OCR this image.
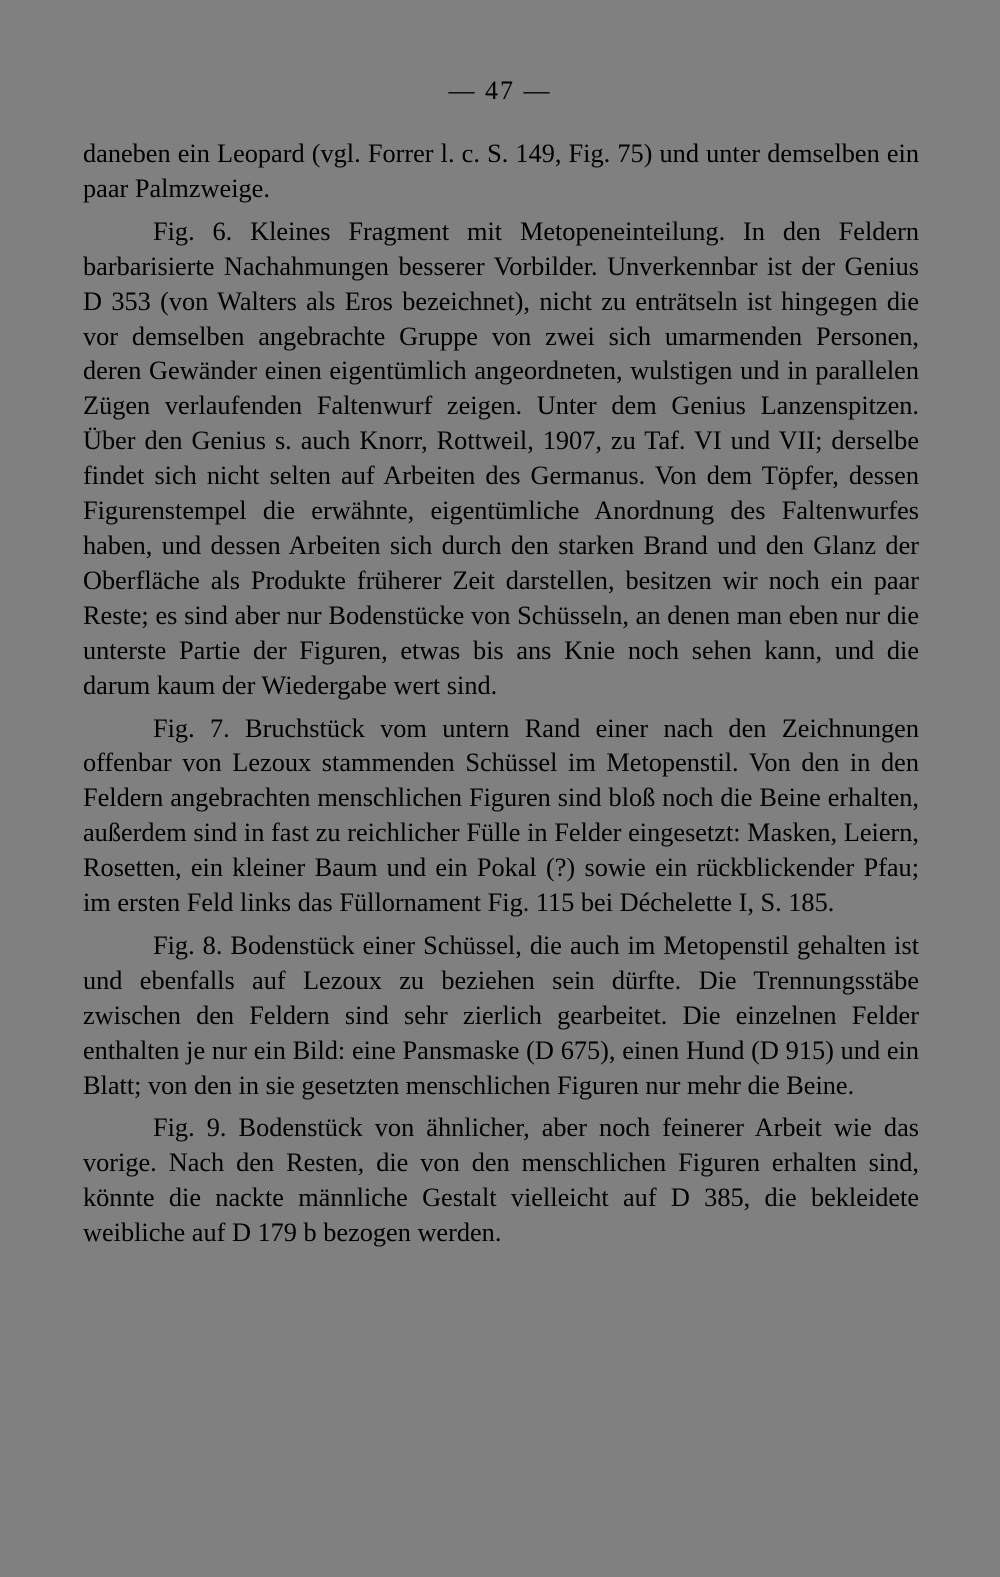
— 47 —

daneben ein Leopard (vgl. Forrer l. c. S. 149, Fig. 75) und unter demselben ein paar Palmzweige.

Fig. 6. Kleines Fragment mit Metopeneinteilung. In den Feldern barbarisierte Nachahmungen besserer Vorbilder. Unverkennbar ist der Genius D 353 (von Walters als Eros bezeichnet), nicht zu enträtseln ist hingegen die vor demselben angebrachte Gruppe von zwei sich umarmenden Personen, deren Gewänder einen eigentümlich angeordneten, wulstigen und in parallelen Zügen verlaufenden Faltenwurf zeigen. Unter dem Genius Lanzenspitzen. Über den Genius s. auch Knorr, Rottweil, 1907, zu Taf. VI und VII; derselbe findet sich nicht selten auf Arbeiten des Germanus. Von dem Töpfer, dessen Figurenstempel die erwähnte, eigentümliche Anordnung des Faltenwurfes haben, und dessen Arbeiten sich durch den starken Brand und den Glanz der Oberfläche als Produkte früherer Zeit darstellen, besitzen wir noch ein paar Reste; es sind aber nur Bodenstücke von Schüsseln, an denen man eben nur die unterste Partie der Figuren, etwas bis ans Knie noch sehen kann, und die darum kaum der Wiedergabe wert sind.

Fig. 7. Bruchstück vom untern Rand einer nach den Zeichnungen offenbar von Lezoux stammenden Schüssel im Metopenstil. Von den in den Feldern angebrachten menschlichen Figuren sind bloß noch die Beine erhalten, außerdem sind in fast zu reichlicher Fülle in Felder eingesetzt: Masken, Leiern, Rosetten, ein kleiner Baum und ein Pokal (?) sowie ein rückblickender Pfau; im ersten Feld links das Füllornament Fig. 115 bei Déchelette I, S. 185.

Fig. 8. Bodenstück einer Schüssel, die auch im Metopenstil gehalten ist und ebenfalls auf Lezoux zu beziehen sein dürfte. Die Trennungsstäbe zwischen den Feldern sind sehr zierlich gearbeitet. Die einzelnen Felder enthalten je nur ein Bild: eine Pansmaske (D 675), einen Hund (D 915) und ein Blatt; von den in sie gesetzten menschlichen Figuren nur mehr die Beine.

Fig. 9. Bodenstück von ähnlicher, aber noch feinerer Arbeit wie das vorige. Nach den Resten, die von den menschlichen Figuren erhalten sind, könnte die nackte männliche Gestalt vielleicht auf D 385, die bekleidete weibliche auf D 179 b bezogen werden.
